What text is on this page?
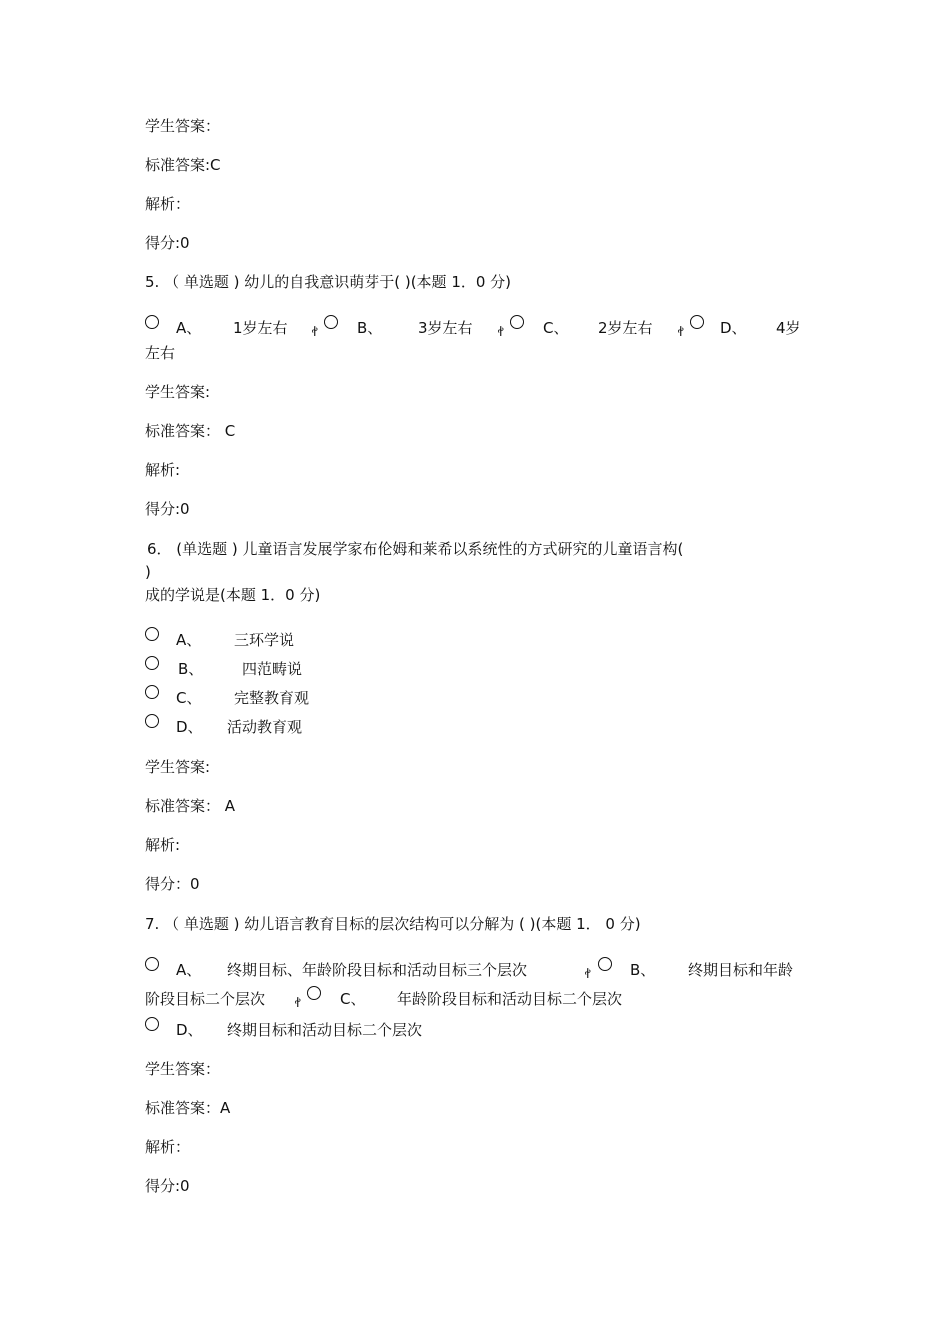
学生答案：
标准答案:C
解析：
得分:0
5. （ 单选题 ) 幼儿的自我意识萌芽于( )(本题 1．0 分)
A、 1岁左右 ꬷ	B、 3岁左右 ꬷ	C、 2岁左右 ꬷ D、 4岁
左右
学生答案:
标准答案： C
解析:
得分:0
6． (单选题 ) 儿童语言发展学家布伦姆和莱希以系统性的方式研究的儿童语言构(
)
成的学说是(本题 1．0 分)
A、 三环学说
B、	四范畴说
C、 完整教育观
D、 活动教育观
学生答案:
标准答案： A
解析:
得分：0
7. （ 单选题 ) 幼儿语言教育目标的层次结构可以分解为 ( )(本题 1． 0 分)
A、 终期目标、年龄阶段目标和活动目标三个层次	ꬷ	B、 终期目标和年龄
阶段目标二个层次 ꬷ	C、 年龄阶段目标和活动目标二个层次
D、 终期目标和活动目标二个层次
学生答案：
标准答案：A
解析：
得分:0
